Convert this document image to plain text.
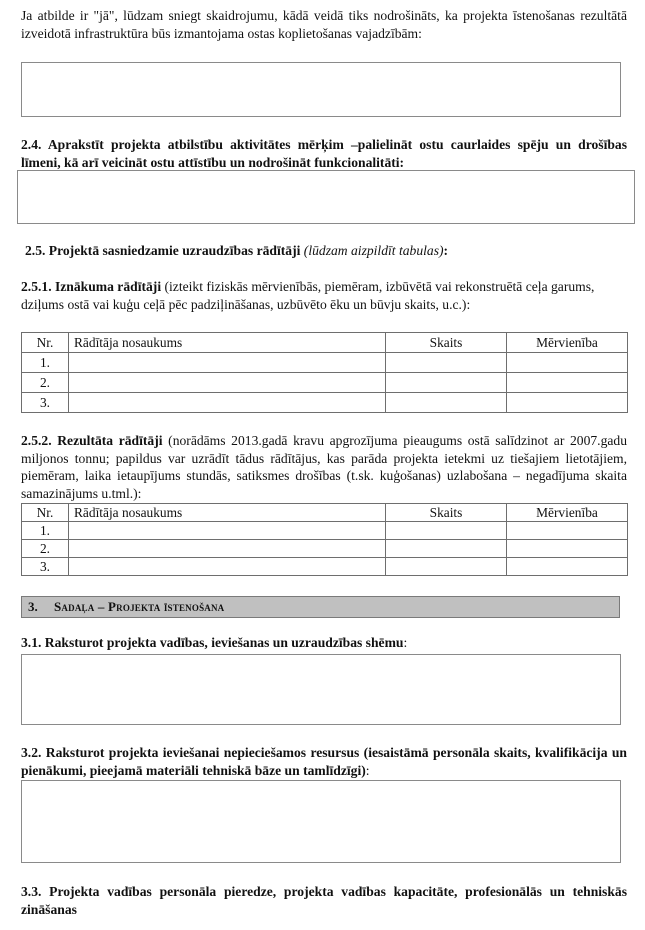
Ja atbilde ir "jā", lūdzam sniegt skaidrojumu, kādā veidā tiks nodrošināts, ka projekta īstenošanas rezultātā izveidotā infrastruktūra būs izmantojama ostas koplietošanas vajadzībām:

2.4. Aprakstīt projekta atbilstību aktivitātes mērķim –palielināt ostu caurlaides spēju un drošības līmeni, kā arī veicināt ostu attīstību un nodrošināt funkcionalitāti:

2.5. Projektā sasniedzamie uzraudzības rādītāji (lūdzam aizpildīt tabulas):

2.5.1. Iznākuma rādītāji (izteikt fiziskās mērvienībās, piemēram, izbūvētā vai rekonstruētā ceļa garums, dziļums ostā vai kuģu ceļā pēc padziļināšanas, uzbūvēto ēku un būvju skaits, u.c.):

Nr.	Rādītāja nosaukums	Skaits	Mērvienība
1.			
2.			
3.			

2.5.2. Rezultāta rādītāji (norādāms 2013.gadā kravu apgrozījuma pieaugums ostā salīdzinot ar 2007.gadu miljonos tonnu; papildus var uzrādīt tādus rādītājus, kas parāda projekta ietekmi uz tiešajiem lietotājiem, piemēram, laika ietaupījums stundās, satiksmes drošības (t.sk. kuģošanas) uzlabošana – negadījuma skaita samazinājums u.tml.):

Nr.	Rādītāja nosaukums	Skaits	Mērvienība
1.			
2.			
3.			
3. Sadaļa – Projekta īstenošana

3.1. Raksturot projekta vadības, ieviešanas un uzraudzības shēmu:

3.2. Raksturot projekta ieviešanai nepieciešamos resursus (iesaistāmā personāla skaits, kvalifikācija un pienākumi, pieejamā materiāli tehniskā bāze un tamlīdzīgi):

3.3. Projekta vadības personāla pieredze, projekta vadības kapacitāte, profesionālās un tehniskās zināšanas
